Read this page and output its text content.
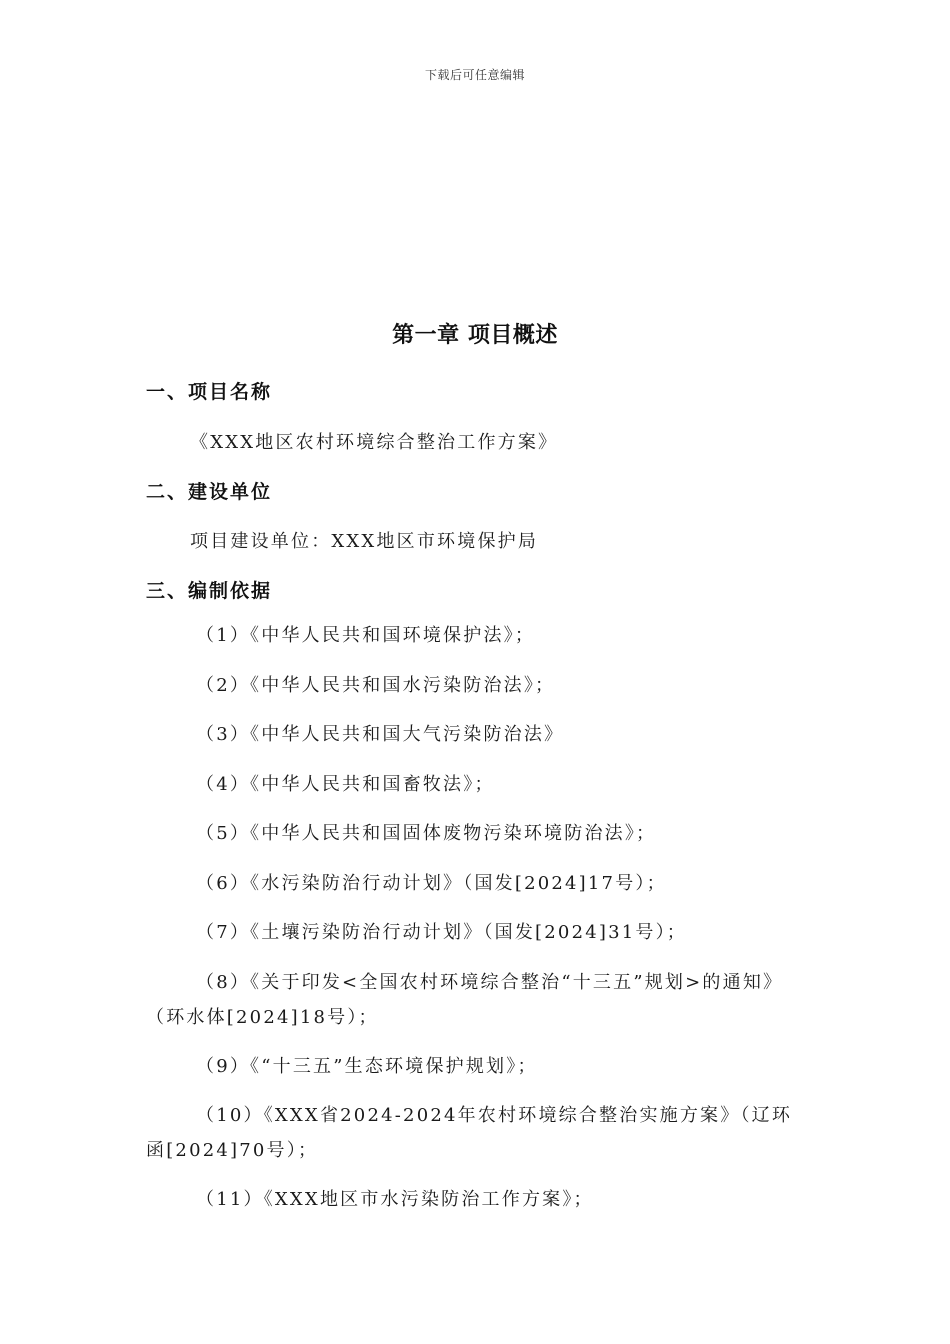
下载后可任意编辑
第一章 项目概述
一、项目名称
《XXX地区农村环境综合整治工作方案》
二、建设单位
项目建设单位：XXX地区市环境保护局
三、编制依据
（1）《中华人民共和国环境保护法》；
（2）《中华人民共和国水污染防治法》；
（3）《中华人民共和国大气污染防治法》
（4）《中华人民共和国畜牧法》；
（5）《中华人民共和国固体废物污染环境防治法》；
（6）《水污染防治行动计划》（国发[2024]17号）；
（7）《土壤污染防治行动计划》（国发[2024]31号）；
（8）《关于印发<全国农村环境综合整治“十三五”规划>的通知》（环水体[2024]18号）；
（9）《“十三五”生态环境保护规划》；
（10）《XXX省2024-2024年农村环境综合整治实施方案》（辽环函[2024]70号）；
（11）《XXX地区市水污染防治工作方案》；
